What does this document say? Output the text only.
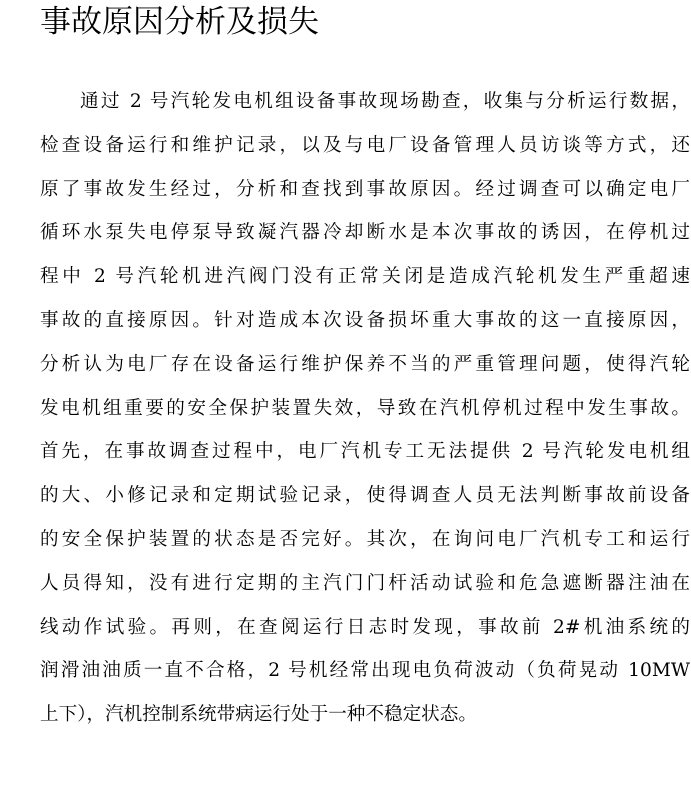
事故原因分析及损失
通过 2 号汽轮发电机组设备事故现场勘查，收集与分析运行数据，
检查设备运行和维护记录，以及与电厂设备管理人员访谈等方式，还
原了事故发生经过，分析和查找到事故原因。经过调查可以确定电厂
循环水泵失电停泵导致凝汽器冷却断水是本次事故的诱因，在停机过
程中 2 号汽轮机进汽阀门没有正常关闭是造成汽轮机发生严重超速
事故的直接原因。针对造成本次设备损坏重大事故的这一直接原因，
分析认为电厂存在设备运行维护保养不当的严重管理问题，使得汽轮
发电机组重要的安全保护装置失效，导致在汽机停机过程中发生事故。
首先，在事故调查过程中，电厂汽机专工无法提供 2 号汽轮发电机组
的大、小修记录和定期试验记录，使得调查人员无法判断事故前设备
的安全保护装置的状态是否完好。其次，在询问电厂汽机专工和运行
人员得知，没有进行定期的主汽门门杆活动试验和危急遮断器注油在
线动作试验。再则，在查阅运行日志时发现，事故前 2#机油系统的
润滑油油质一直不合格，2 号机经常出现电负荷波动（负荷晃动 10MW
上下），汽机控制系统带病运行处于一种不稳定状态。
